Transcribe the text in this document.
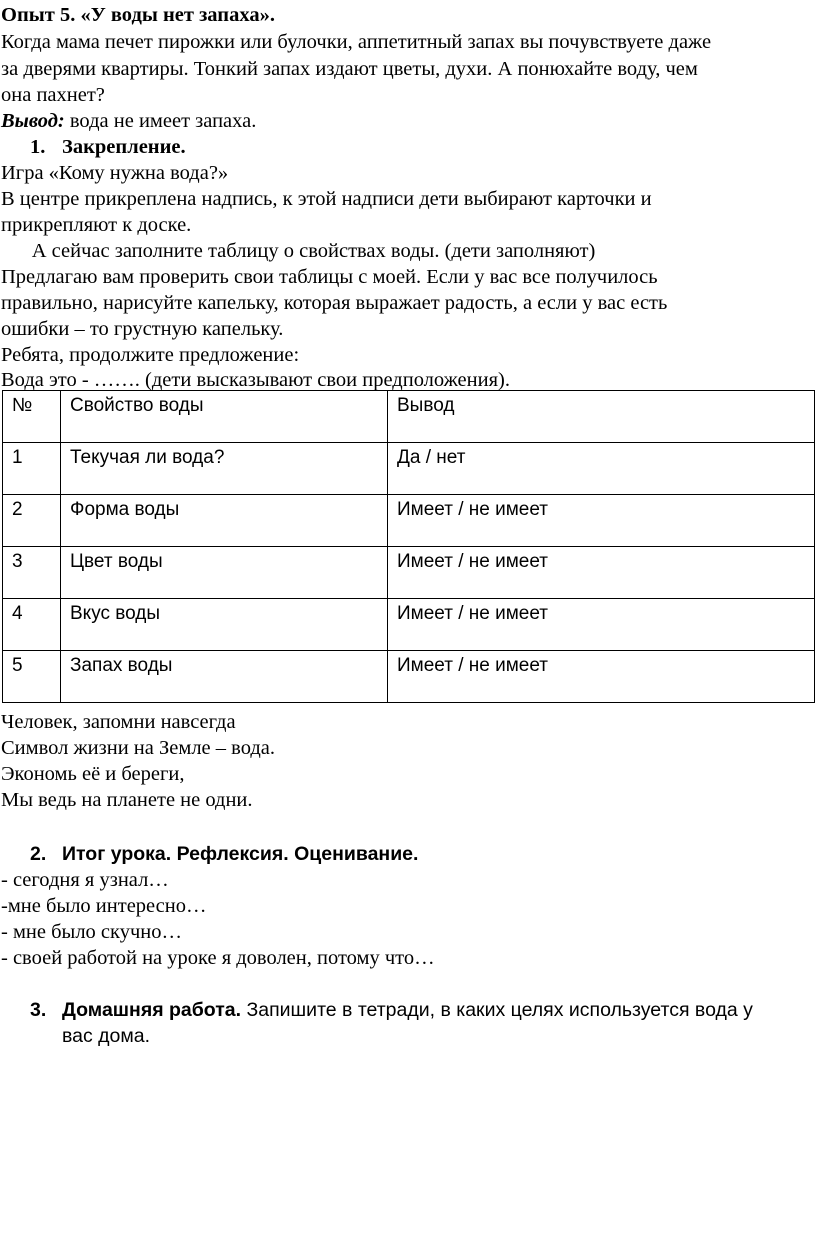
Опыт 5. «У воды нет запаха».
Когда мама печет пирожки или булочки, аппетитный запах вы почувствуете даже
за дверями квартиры. Тонкий запах издают цветы, духи. А понюхайте воду, чем
она пахнет?
Вывод: вода не имеет запаха.
1. Закрепление.
Игра «Кому нужна вода?»
В центре прикреплена надпись, к этой надписи дети выбирают карточки и
прикрепляют к доске.
А сейчас заполните таблицу о свойствах воды. (дети заполняют)
Предлагаю вам проверить свои таблицы с моей. Если у вас все получилось
правильно, нарисуйте капельку, которая выражает радость, а если у вас есть
ошибки – то грустную капельку.
Ребята, продолжите предложение:
Вода это - ……. (дети высказывают свои предположения).
№	Свойство воды	Вывод
1	Текучая ли вода?	Да / нет
2	Форма воды	Имеет / не имеет
3	Цвет воды	Имеет / не имеет
4	Вкус воды	Имеет / не имеет
5	Запах воды	Имеет / не имеет
Человек, запомни навсегда
Символ жизни на Земле – вода.
Экономь её и береги,
Мы ведь на планете не одни.
2. Итог урока. Рефлексия. Оценивание.
- сегодня я узнал…
-мне было интересно…
- мне было скучно…
- своей работой на уроке я доволен, потому что…
3. Домашняя работа. Запишите в тетради, в каких целях используется вода у
вас дома.
